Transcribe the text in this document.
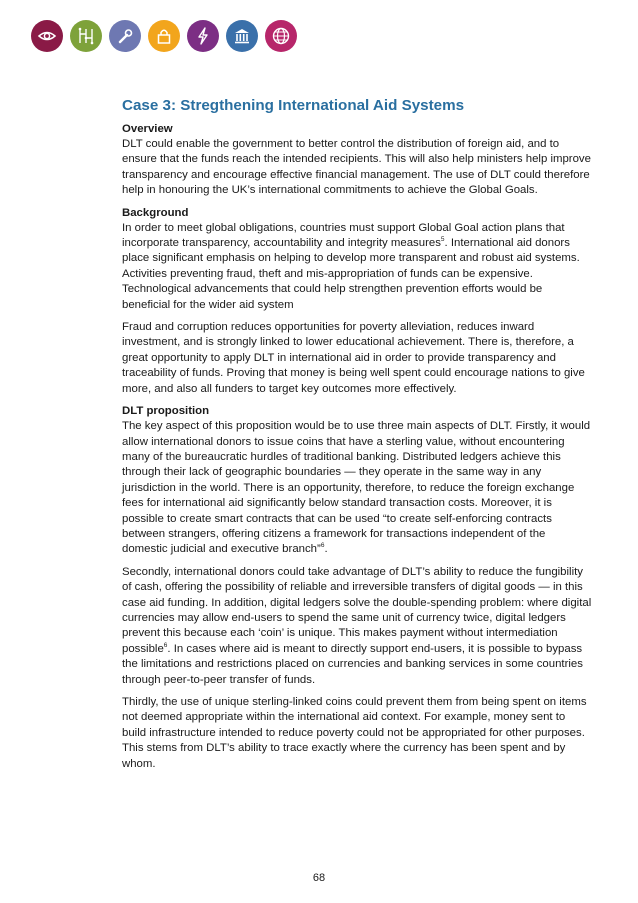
Case 3: Stregthening International Aid Systems
Overview

DLT could enable the government to better control the distribution of foreign aid, and to ensure that the funds reach the intended recipients. This will also help ministers help improve transparency and encourage effective financial management. The use of DLT could therefore help in honouring the UK’s international commitments to achieve the Global Goals.

Background

In order to meet global obligations, countries must support Global Goal action plans that incorporate transparency, accountability and integrity measures$^5$. International aid donors place significant emphasis on helping to develop more transparent and robust aid systems. Activities preventing fraud, theft and mis-appropriation of funds can be expensive. Technological advancements that could help strengthen prevention efforts would be beneficial for the wider aid system

Fraud and corruption reduces opportunities for poverty alleviation, reduces inward investment, and is strongly linked to lower educational achievement. There is, therefore, a great opportunity to apply DLT in international aid in order to provide transparency and traceability of funds. Proving that money is being well spent could encourage nations to give more, and also all funders to target key outcomes more effectively.

DLT proposition

The key aspect of this proposition would be to use three main aspects of DLT. Firstly, it would allow international donors to issue coins that have a sterling value, without encountering many of the bureaucratic hurdles of traditional banking. Distributed ledgers achieve this through their lack of geographic boundaries — they operate in the same way in any jurisdiction in the world. There is an opportunity, therefore, to reduce the foreign exchange fees for international aid significantly below standard transaction costs. Moreover, it is possible to create smart contracts that can be used “to create self-enforcing contracts between strangers, offering citizens a framework for transactions independent of the domestic judicial and executive branch”$^6$.

Secondly, international donors could take advantage of DLT’s ability to reduce the fungibility of cash, offering the possibility of reliable and irreversible transfers of digital goods — in this case aid funding. In addition, digital ledgers solve the double-spending problem: where digital currencies may allow end-users to spend the same unit of currency twice, digital ledgers prevent this because each ‘coin’ is unique. This makes payment without intermediation possible$^6$. In cases where aid is meant to directly support end-users, it is possible to bypass the limitations and restrictions placed on currencies and banking services in some countries through peer-to-peer transfer of funds.

Thirdly, the use of unique sterling-linked coins could prevent them from being spent on items not deemed appropriate within the international aid context. For example, money sent to build infrastructure intended to reduce poverty could not be appropriated for other purposes. This stems from DLT’s ability to trace exactly where the currency has been spent and by whom.

68
